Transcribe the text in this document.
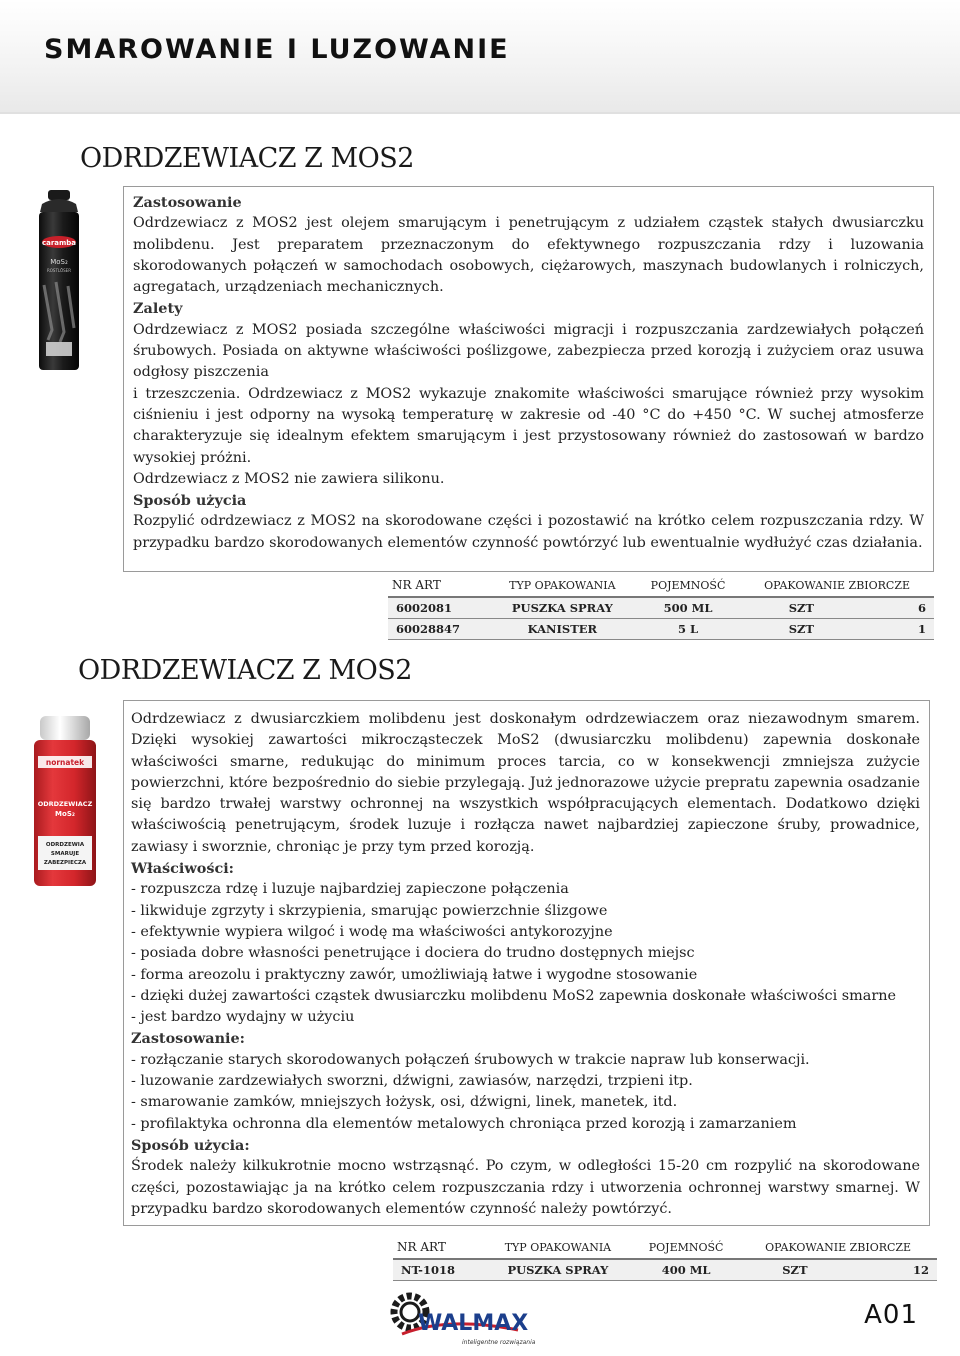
SMAROWANIE I LUZOWANIE
ODRDZEWIACZ Z MOS2
caramba
MoS₂
ROSTLÖSER

Zastosowanie

Odrdzewiacz z MOS2 jest olejem smarującym i penetrującym z udziałem cząstek stałych dwusiarczku molibdenu. Jest preparatem przeznaczonym do efektywnego rozpuszczania rdzy i luzowania skorodowanych połączeń w samochodach osobowych, ciężarowych, maszynach budowlanych i rolniczych, agregatach, urządzeniach mechanicznych.

Zalety

Odrdzewiacz z MOS2 posiada szczególne właściwości migracji i rozpuszczania zardzewiałych połączeń śrubowych. Posiada on aktywne właściwości poślizgowe, zabezpiecza przed korozją i zużyciem oraz usuwa odgłosy piszczenia

i trzeszczenia. Odrdzewiacz z MOS2 wykazuje znakomite właściwości smarujące również przy wysokim ciśnieniu i jest odporny na wysoką temperaturę w zakresie od -40 °C do +450 °C. W suchej atmosferze charakteryzuje się idealnym efektem smarującym i jest przystosowany również do zastosowań w bardzo wysokiej próżni.

Odrdzewiacz z MOS2 nie zawiera silikonu.

Sposób użycia

Rozpylić odrdzewiacz z MOS2 na skorodowane części i pozostawić na krótko celem rozpuszczania rdzy. W przypadku bardzo skorodowanych elementów czynność powtórzyć lub ewentualnie wydłużyć czas działania.

NR ART	TYP OPAKOWANIA	POJEMNOŚĆ	OPAKOWANIE ZBIORCZE	
6002081	PUSZKA SPRAY	500 ML	SZT	6
60028847	KANISTER	5 L	SZT	1
ODRDZEWIACZ Z MOS2
nornatek
ODRDZEWIACZ
MoS₂
ODRDZEWIA
SMARUJE
ZABEZPIECZA

Odrdzewiacz z dwusiarczkiem molibdenu jest doskonałym odrdzewiaczem oraz niezawodnym smarem. Dzięki wysokiej zawartości mikrocząsteczek MoS2 (dwusiarczku molibdenu) zapewnia doskonałe właściwości smarne, redukując do minimum proces tarcia, co w konsekwencji zmniejsza zużycie powierzchni, które bezpośrednio do siebie przylegają. Już jednorazowe użycie prepratu zapewnia osadzanie się bardzo trwałej warstwy ochronnej na wszystkich współpracujących elementach. Dodatkowo dzięki właściwością penetrującym, środek luzuje i rozłącza nawet najbardziej zapieczone śruby, prowadnice, zawiasy i sworznie, chroniąc je przy tym przed korozją.

Właściwości:

- rozpuszcza rdzę i luzuje najbardziej zapieczone połączenia

- likwiduje zgrzyty i skrzypienia, smarując powierzchnie ślizgowe

- efektywnie wypiera wilgoć i wodę ma właściwości antykorozyjne

- posiada dobre własności penetrujące i dociera do trudno dostępnych miejsc

- forma areozolu i praktyczny zawór, umożliwiają łatwe i wygodne stosowanie

- dzięki dużej zawartości cząstek dwusiarczku molibdenu MoS2 zapewnia doskonałe właściwości smarne

- jest bardzo wydajny w użyciu

Zastosowanie:

- rozłączanie starych skorodowanych połączeń śrubowych w trakcie napraw lub konserwacji.

- luzowanie zardzewiałych sworzni, dźwigni, zawiasów, narzędzi, trzpieni itp.

- smarowanie zamków, mniejszych łożysk, osi, dźwigni, linek, manetek, itd.

- profilaktyka ochronna dla elementów metalowych chroniąca przed korozją i zamarzaniem

Sposób użycia:

Środek należy kilkukrotnie mocno wstrząsnąć. Po czym, w odległości 15-20 cm rozpylić na skorodowane części, pozostawiając ja na krótko celem rozpuszczania rdzy i utworzenia ochronnej warstwy smarnej. W przypadku bardzo skorodowanych elementów czynność należy powtórzyć.

NR ART	TYP OPAKOWANIA	POJEMNOŚĆ	OPAKOWANIE ZBIORCZE	
NT-1018	PUSZKA SPRAY	400 ML	SZT	12
WALMAX
inteligentne rozwiązania
A01
